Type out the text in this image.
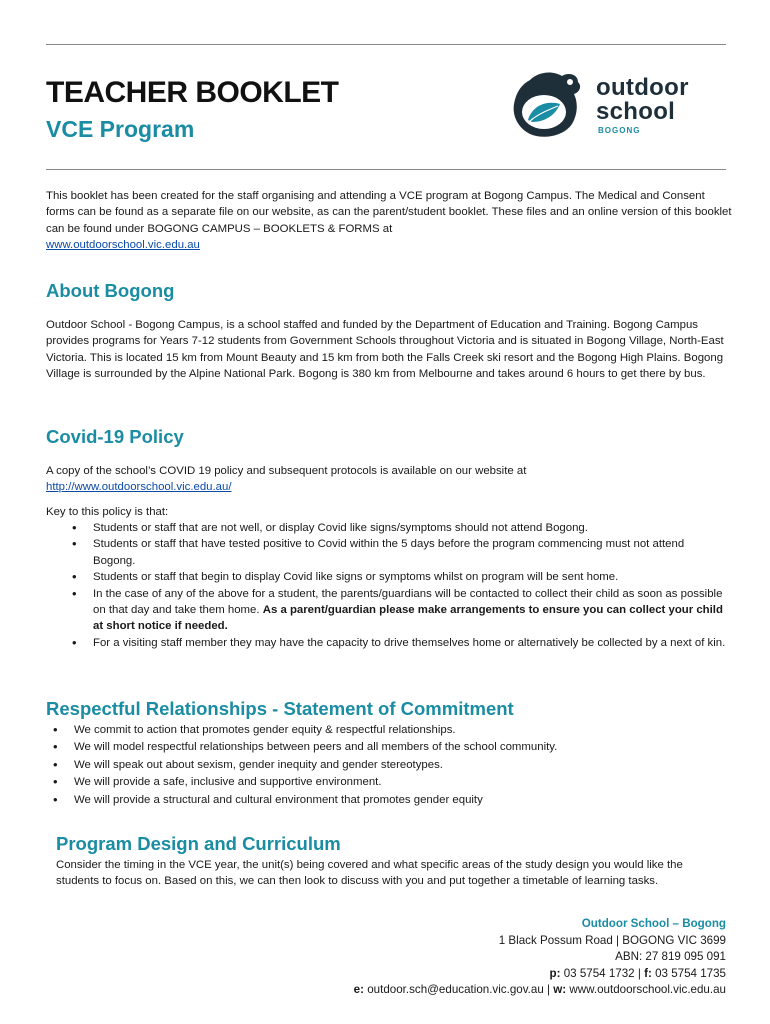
TEACHER BOOKLET
VCE Program
outdoor
school
BOGONG
This booklet has been created for the staff organising and attending a VCE program at Bogong Campus. The Medical and Consent forms can be found as a separate file on our website, as can the parent/student booklet. These files and an online version of this booklet can be found under BOGONG CAMPUS – BOOKLETS & FORMS at
www.outdoorschool.vic.edu.au
About Bogong
Outdoor School - Bogong Campus, is a school staffed and funded by the Department of Education and Training. Bogong Campus provides programs for Years 7-12 students from Government Schools throughout Victoria and is situated in Bogong Village, North-East Victoria. This is located 15 km from Mount Beauty and 15 km from both the Falls Creek ski resort and the Bogong High Plains. Bogong Village is surrounded by the Alpine National Park. Bogong is 380 km from Melbourne and takes around 6 hours to get there by bus.
Covid-19 Policy
A copy of the school’s COVID 19 policy and subsequent protocols is available on our website at
http://www.outdoorschool.vic.edu.au/
Key to this policy is that:
• Students or staff that are not well, or display Covid like signs/symptoms should not attend Bogong.
• Students or staff that have tested positive to Covid within the 5 days before the program commencing must not attend Bogong.
• Students or staff that begin to display Covid like signs or symptoms whilst on program will be sent home.
• In the case of any of the above for a student, the parents/guardians will be contacted to collect their child as soon as possible on that day and take them home. As a parent/guardian please make arrangements to ensure you can collect your child at short notice if needed.
• For a visiting staff member they may have the capacity to drive themselves home or alternatively be collected by a next of kin.
Respectful Relationships - Statement of Commitment
• We commit to action that promotes gender equity & respectful relationships.
• We will model respectful relationships between peers and all members of the school community.
• We will speak out about sexism, gender inequity and gender stereotypes.
• We will provide a safe, inclusive and supportive environment.
• We will provide a structural and cultural environment that promotes gender equity
Program Design and Curriculum
Consider the timing in the VCE year, the unit(s) being covered and what specific areas of the study design you would like the students to focus on. Based on this, we can then look to discuss with you and put together a timetable of learning tasks.
Outdoor School – Bogong
1 Black Possum Road | BOGONG VIC 3699
ABN: 27 819 095 091
p: 03 5754 1732 | f: 03 5754 1735
e: outdoor.sch@education.vic.gov.au | w: www.outdoorschool.vic.edu.au
